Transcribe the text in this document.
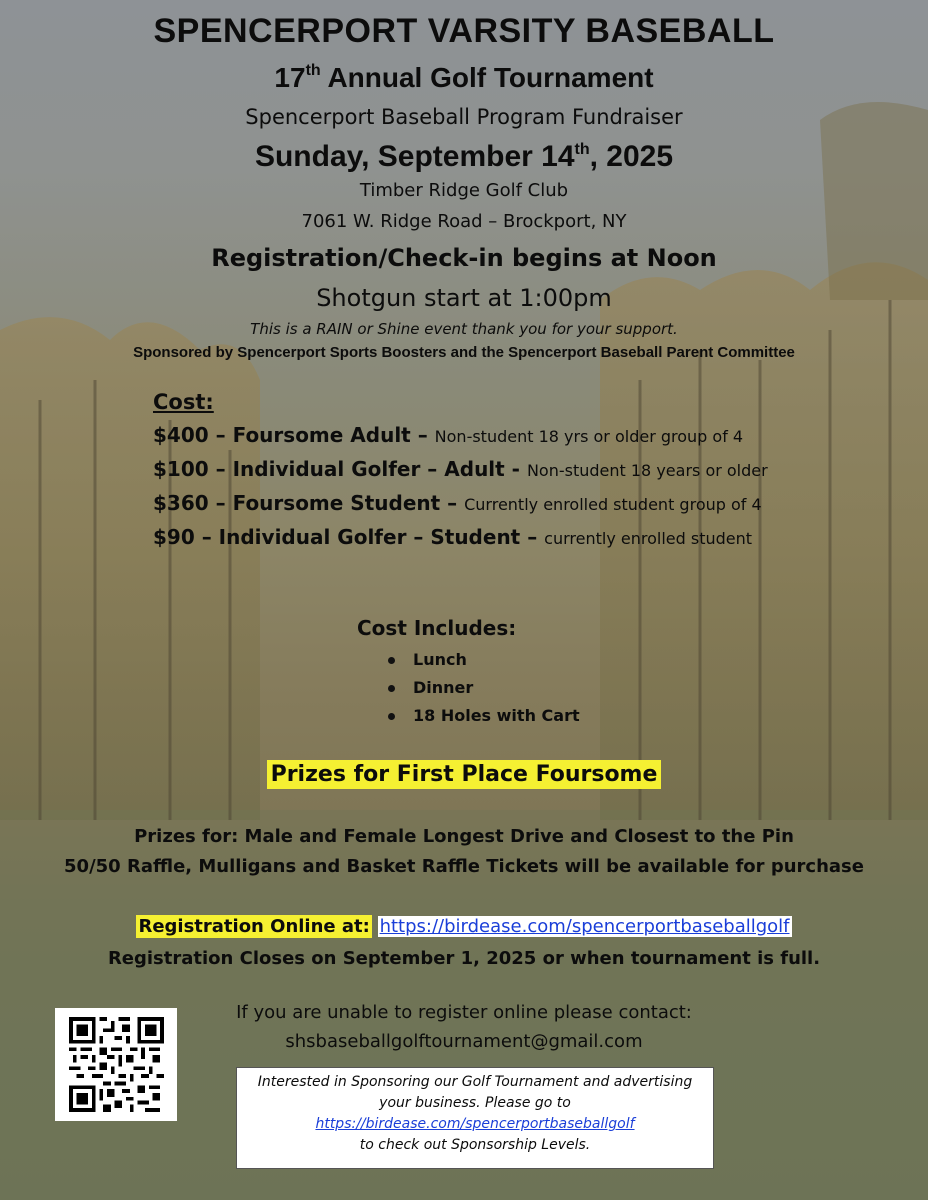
SPENCERPORT VARSITY BASEBALL
17th Annual Golf Tournament
Spencerport Baseball Program Fundraiser
Sunday, September 14th, 2025
Timber Ridge Golf Club
7061 W. Ridge Road – Brockport, NY
Registration/Check-in begins at Noon
Shotgun start at 1:00pm
This is a RAIN or Shine event thank you for your support.
Sponsored by Spencerport Sports Boosters and the Spencerport Baseball Parent Committee
Cost:
$400 – Foursome Adult – Non-student 18 yrs or older group of 4
$100 – Individual Golfer – Adult - Non-student 18 years or older
$360 – Foursome Student – Currently enrolled student group of 4
$90 – Individual Golfer – Student – currently enrolled student
Cost Includes:
Lunch
Dinner
18 Holes with Cart
Prizes for First Place Foursome
Prizes for: Male and Female Longest Drive and Closest to the Pin
50/50 Raffle, Mulligans and Basket Raffle Tickets will be available for purchase
Registration Online at: https://birdease.com/spencerportbaseballgolf
Registration Closes on September 1, 2025 or when tournament is full.
If you are unable to register online please contact:
shsbaseballgolftournament@gmail.com
Interested in Sponsoring our Golf Tournament and advertising
your business. Please go to
https://birdease.com/spencerportbaseballgolf
to check out Sponsorship Levels.
